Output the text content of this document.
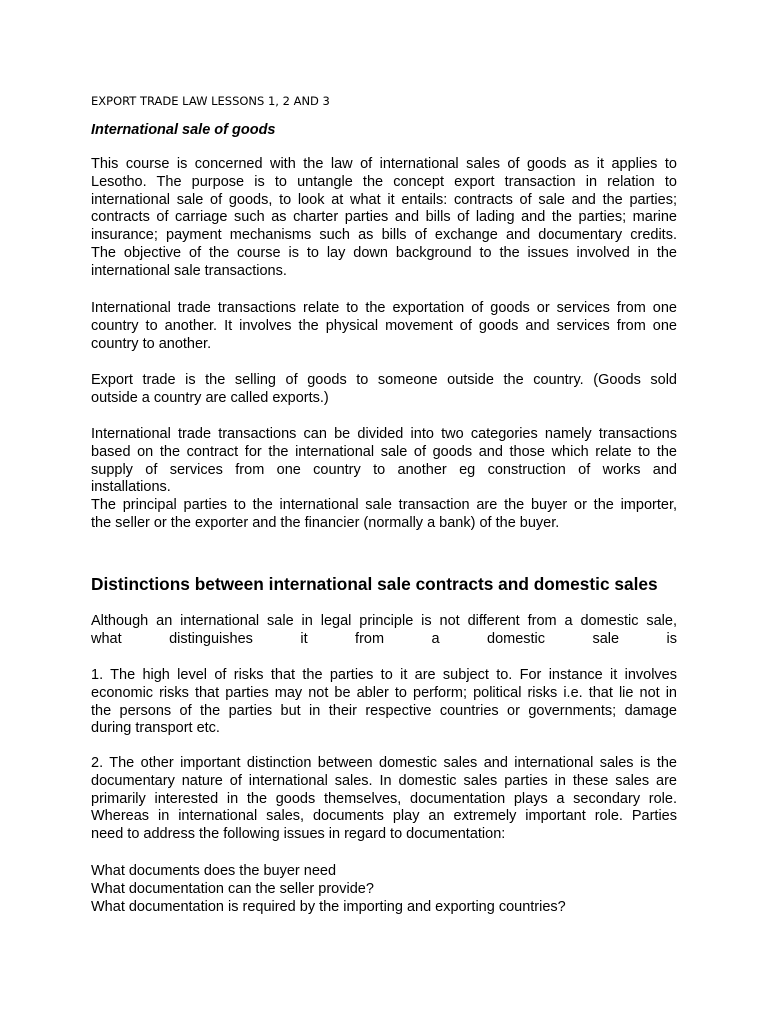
EXPORT TRADE LAW LESSONS 1, 2 AND 3
International sale of goods
This course is concerned with the law of international sales of goods as it applies to
Lesotho. The purpose is to untangle the concept export transaction in relation to
international sale of goods, to look at what it entails: contracts of sale and the parties;
contracts of carriage such as charter parties and bills of lading and the parties; marine
insurance; payment mechanisms such as bills of exchange and documentary credits.
The objective of the course is to lay down background to the issues involved in the
international sale transactions.
International trade transactions relate to the exportation of goods or services from one
country to another. It involves the physical movement of goods and services from one
country to another.
Export trade is the selling of goods to someone outside the country. (Goods sold
outside a country are called exports.)
International trade transactions can be divided into two categories namely transactions
based on the contract for the international sale of goods and those which relate to the
supply of services from one country to another eg construction of works and
installations.
The principal parties to the international sale transaction are the buyer or the importer,
the seller or the exporter and the financier (normally a bank) of the buyer.
Distinctions between international sale contracts and domestic sales
Although an international sale in legal principle is not different from a domestic sale,
what distinguishes it from a domestic sale is
1. The high level of risks that the parties to it are subject to. For instance it involves
economic risks that parties may not be abler to perform; political risks i.e. that lie not in
the persons of the parties but in their respective countries or governments; damage
during transport etc.
2. The other important distinction between domestic sales and international sales is the
documentary nature of international sales. In domestic sales parties in these sales are
primarily interested in the goods themselves, documentation plays a secondary role.
Whereas in international sales, documents play an extremely important role. Parties
need to address the following issues in regard to documentation:
What documents does the buyer need
What documentation can the seller provide?
What documentation is required by the importing and exporting countries?
